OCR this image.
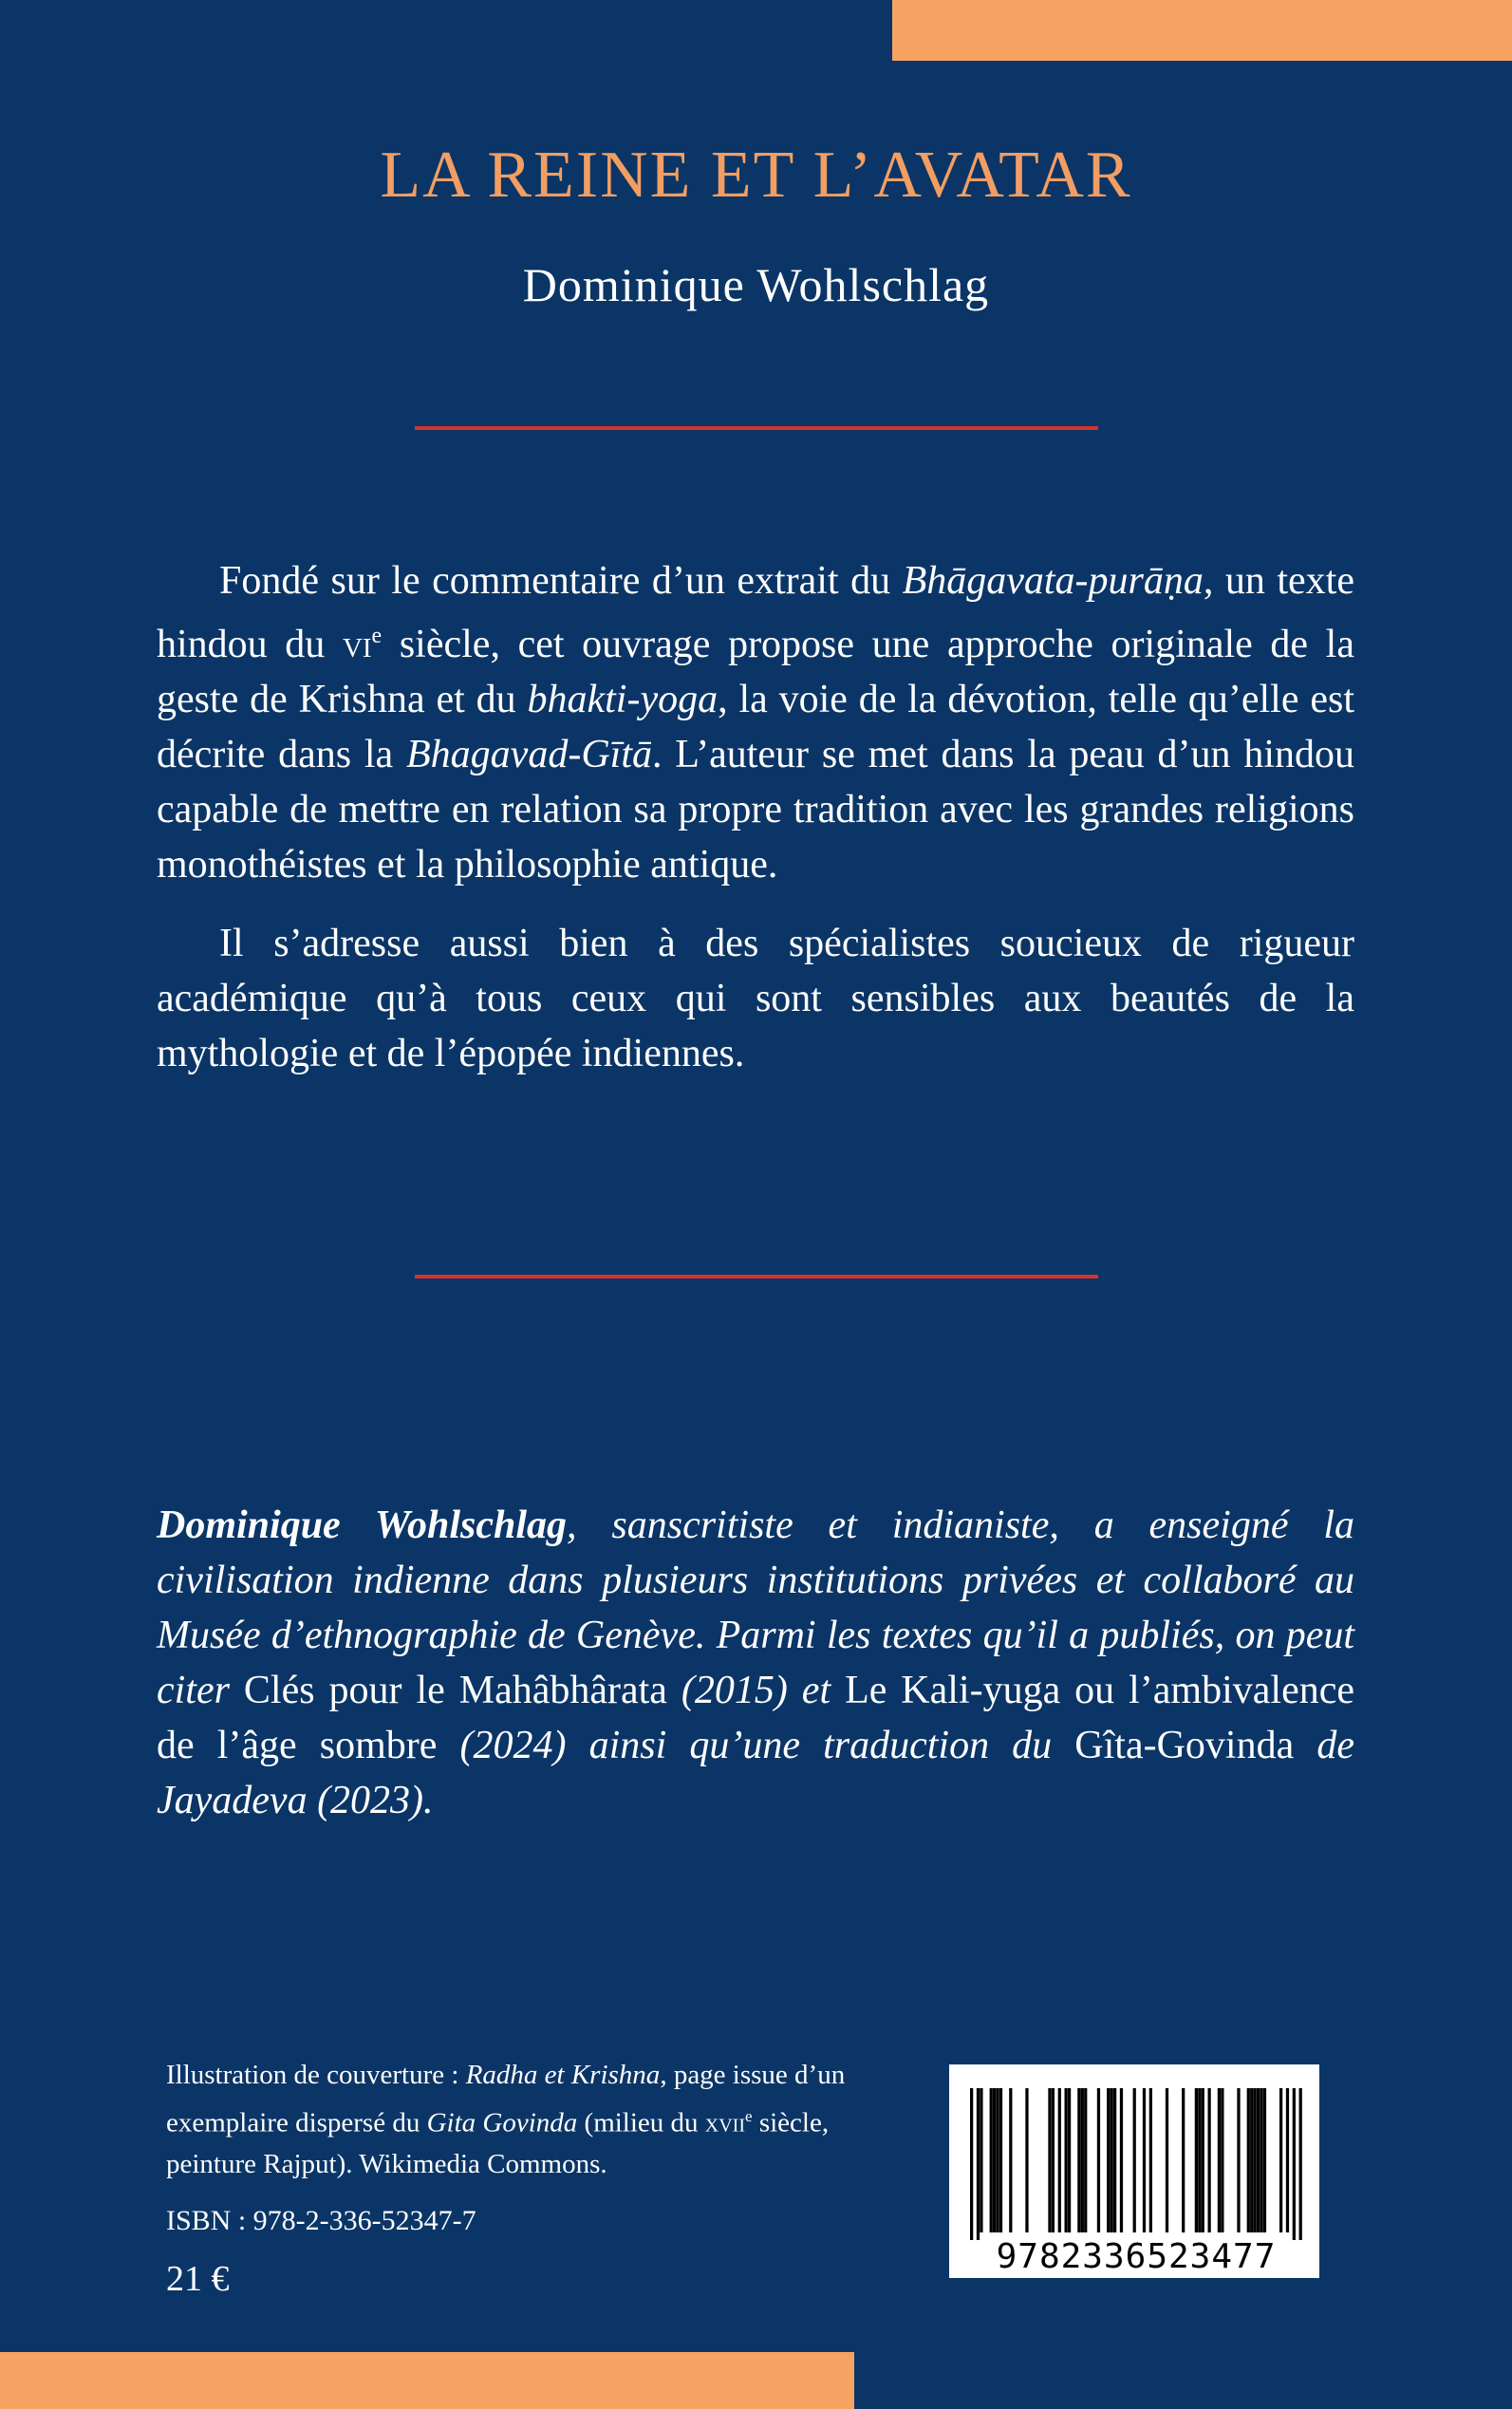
LA REINE ET L’AVATAR
Dominique Wohlschlag

Fondé sur le commentaire d’un extrait du Bhāgavata-purāṇa, un texte hindou du $vi^e$ siècle, cet ouvrage propose une approche originale de la geste de Krishna et du bhakti-yoga, la voie de la dévotion, telle qu’elle est décrite dans la Bhagavad-Gītā. L’auteur se met dans la peau d’un hindou capable de mettre en relation sa propre tradition avec les grandes religions monothéistes et la philosophie antique.

Il s’adresse aussi bien à des spécialistes soucieux de rigueur académique qu’à tous ceux qui sont sensibles aux beautés de la mythologie et de l’épopée indiennes.

Dominique Wohlschlag, sanscritiste et indianiste, a enseigné la civilisation indienne dans plusieurs institutions privées et collaboré au Musée d’ethnographie de Genève. Parmi les textes qu’il a publiés, on peut citer Clés pour le Mahâbhârata (2015) et Le Kali-yuga ou l’ambivalence de l’âge sombre (2024) ainsi qu’une traduction du Gîta-Govinda de Jayadeva (2023).

Illustration de couverture : Radha et Krishna, page issue d’un exemplaire dispersé du Gita Govinda (milieu du xvii$^e$ siècle, peinture Rajput). Wikimedia Commons.
ISBN : 978-2-336-52347-7
21 €
9782336523477
